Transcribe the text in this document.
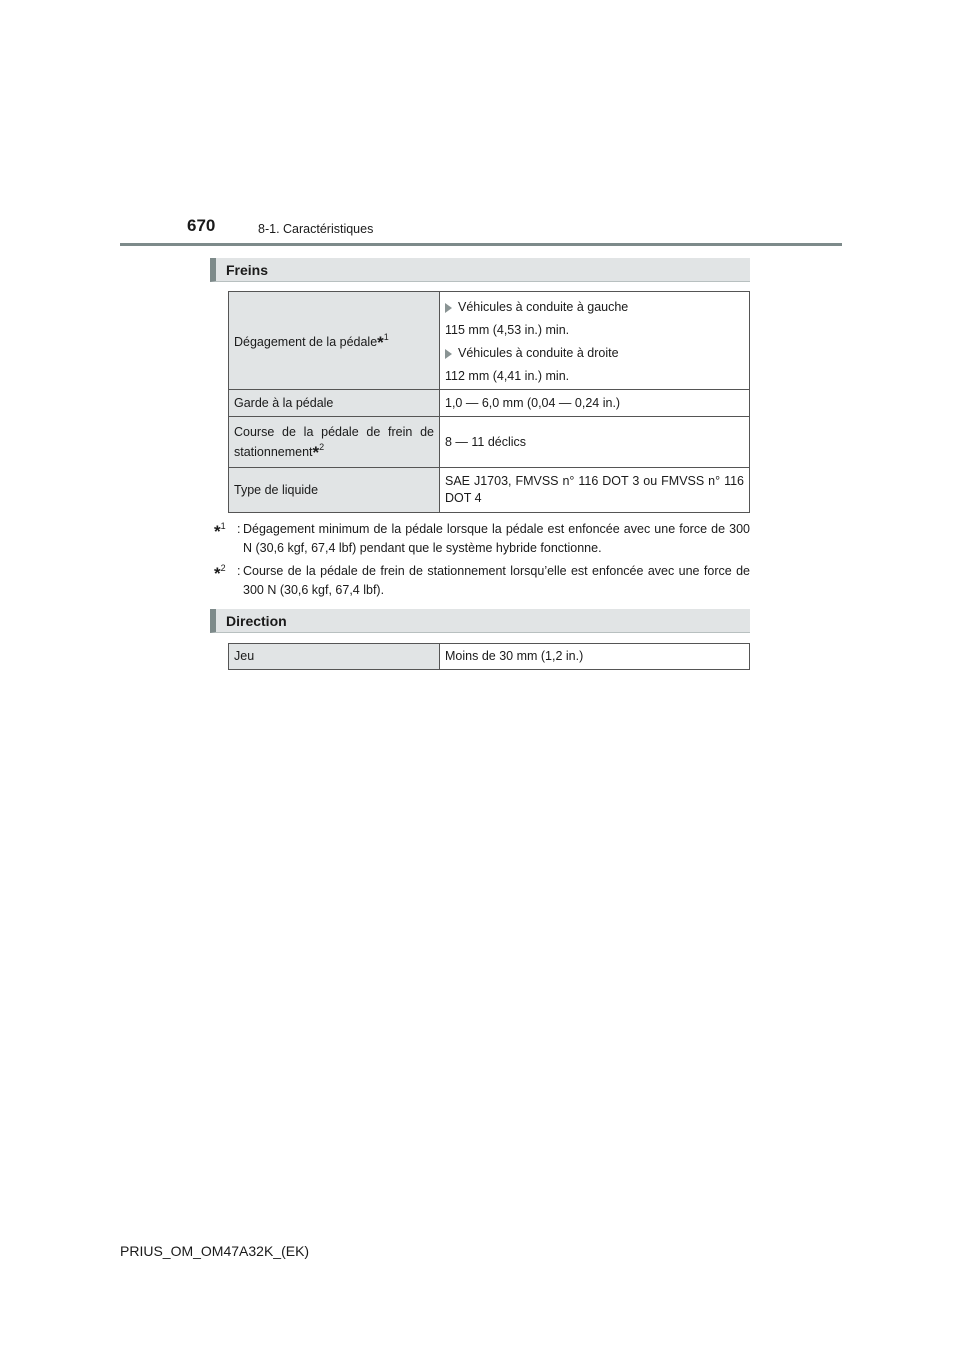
670	8-1. Caractéristiques
Freins
Dégagement de la pédale*$^1$	Véhicules à conduite à gauche
115 mm (4,53 in.) min.
Véhicules à conduite à droite
112 mm (4,41 in.) min.

Garde à la pédale	1,0 — 6,0 mm (0,04 — 0,24 in.)
Course de la pédale de frein de stationnement*$^2$	8 — 11 déclics
Type de liquide	SAE J1703, FMVSS n° 116 DOT 3 ou FMVSS n° 116 DOT 4
*$^1$ : Dégagement minimum de la pédale lorsque la pédale est enfoncée avec une force de 300 N (30,6 kgf, 67,4 lbf) pendant que le système hybride fonctionne.
*$^2$ : Course de la pédale de frein de stationnement lorsqu’elle est enfoncée avec une force de 300 N (30,6 kgf, 67,4 lbf).
Direction
Jeu	Moins de 30 mm (1,2 in.)
PRIUS_OM_OM47A32K_(EK)
